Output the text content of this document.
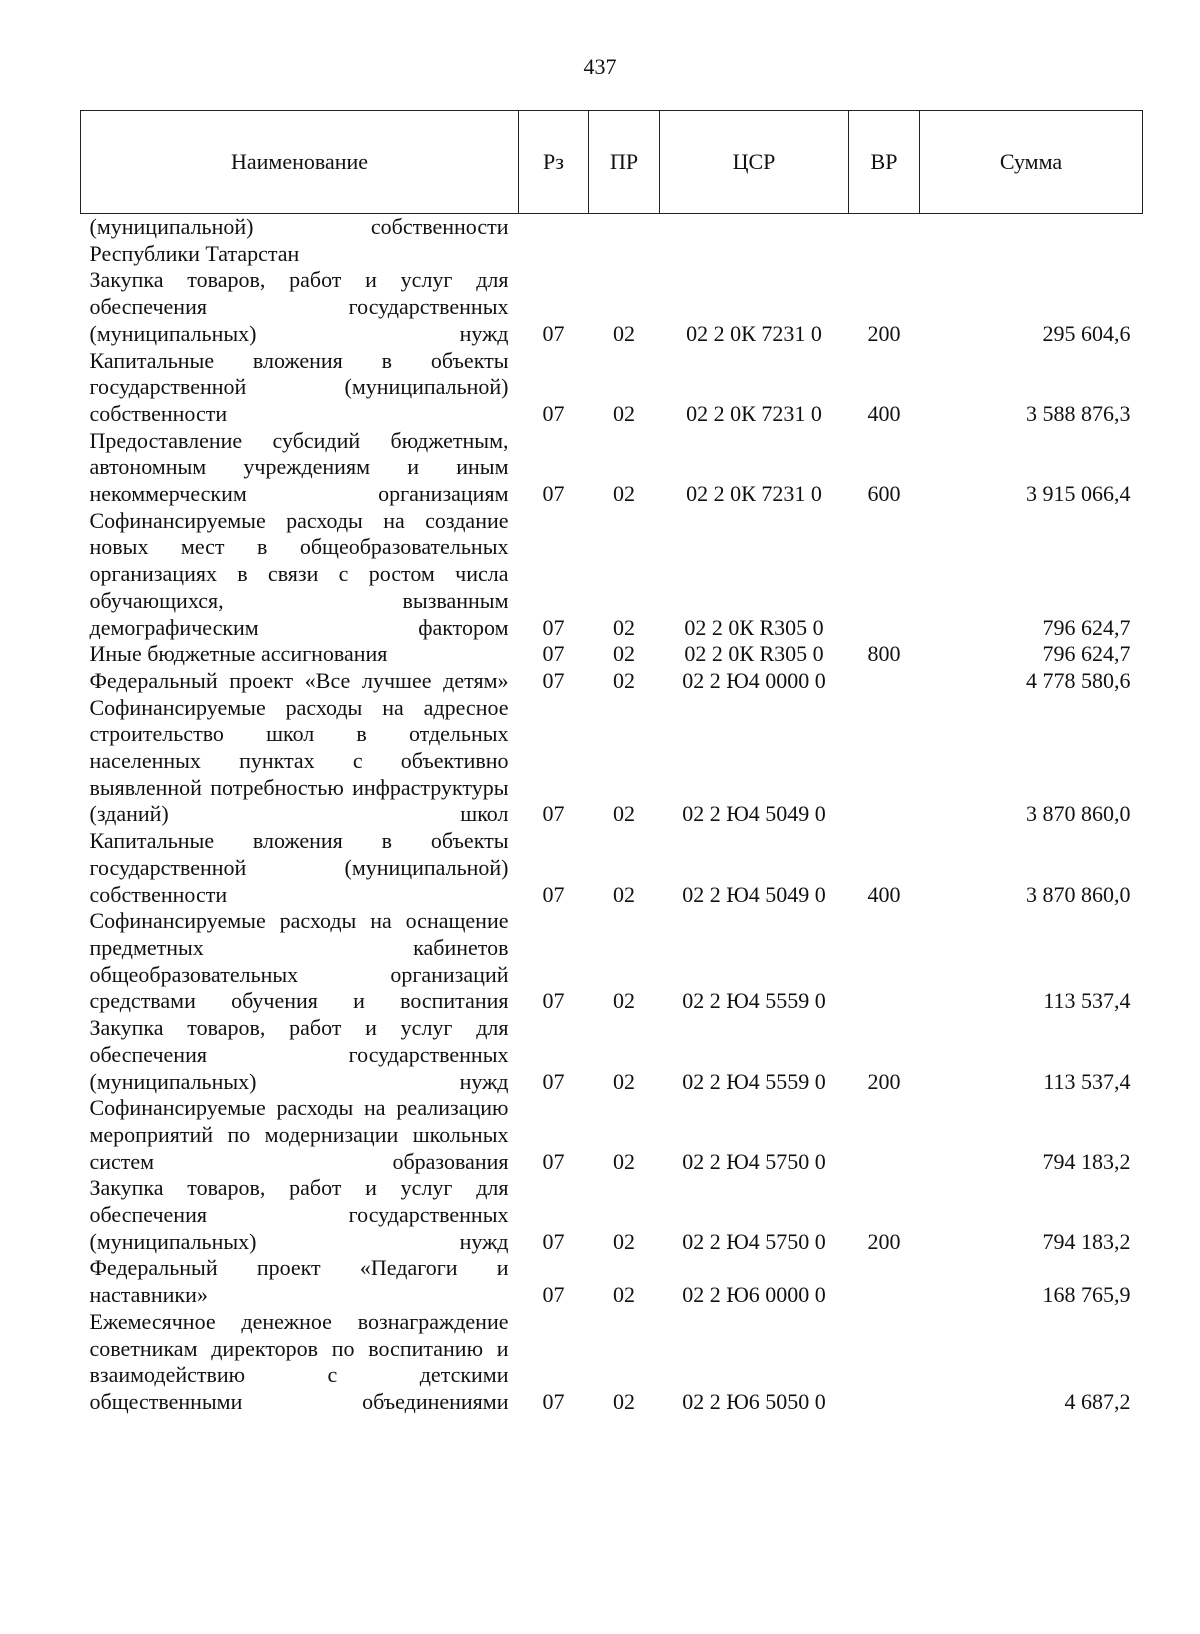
437
Наименование	Рз	ПР	ЦСР	ВР	Сумма
(муниципальной) собственности Республики Татарстан					
Закупка товаров, работ и услуг для обеспечения государственных (муниципальных) нужд	07	02	02 2 0К 7231 0	200	295 604,6
Капитальные вложения в объекты государственной (муниципальной) собственности	07	02	02 2 0К 7231 0	400	3 588 876,3
Предоставление субсидий бюджетным, автономным учреждениям и иным некоммерческим организациям	07	02	02 2 0К 7231 0	600	3 915 066,4
Софинансируемые расходы на создание новых мест в общеобразовательных организациях в связи с ростом числа обучающихся, вызванным демографическим фактором	07	02	02 2 0К R305 0		796 624,7
Иные бюджетные ассигнования	07	02	02 2 0К R305 0	800	796 624,7
Федеральный проект «Все лучшее детям»	07	02	02 2 Ю4 0000 0		4 778 580,6
Софинансируемые расходы на адресное строительство школ в отдельных населенных пунктах с объективно выявленной потребностью инфраструктуры (зданий) школ	07	02	02 2 Ю4 5049 0		3 870 860,0
Капитальные вложения в объекты государственной (муниципальной) собственности	07	02	02 2 Ю4 5049 0	400	3 870 860,0
Софинансируемые расходы на оснащение предметных кабинетов общеобразовательных организаций средствами обучения и воспитания	07	02	02 2 Ю4 5559 0		113 537,4
Закупка товаров, работ и услуг для обеспечения государственных (муниципальных) нужд	07	02	02 2 Ю4 5559 0	200	113 537,4
Софинансируемые расходы на реализацию мероприятий по модернизации школьных систем образования	07	02	02 2 Ю4 5750 0		794 183,2
Закупка товаров, работ и услуг для обеспечения государственных (муниципальных) нужд	07	02	02 2 Ю4 5750 0	200	794 183,2
Федеральный проект «Педагоги и наставники»	07	02	02 2 Ю6 0000 0		168 765,9
Ежемесячное денежное вознаграждение советникам директоров по воспитанию и взаимодействию с детскими общественными объединениями	07	02	02 2 Ю6 5050 0		4 687,2
